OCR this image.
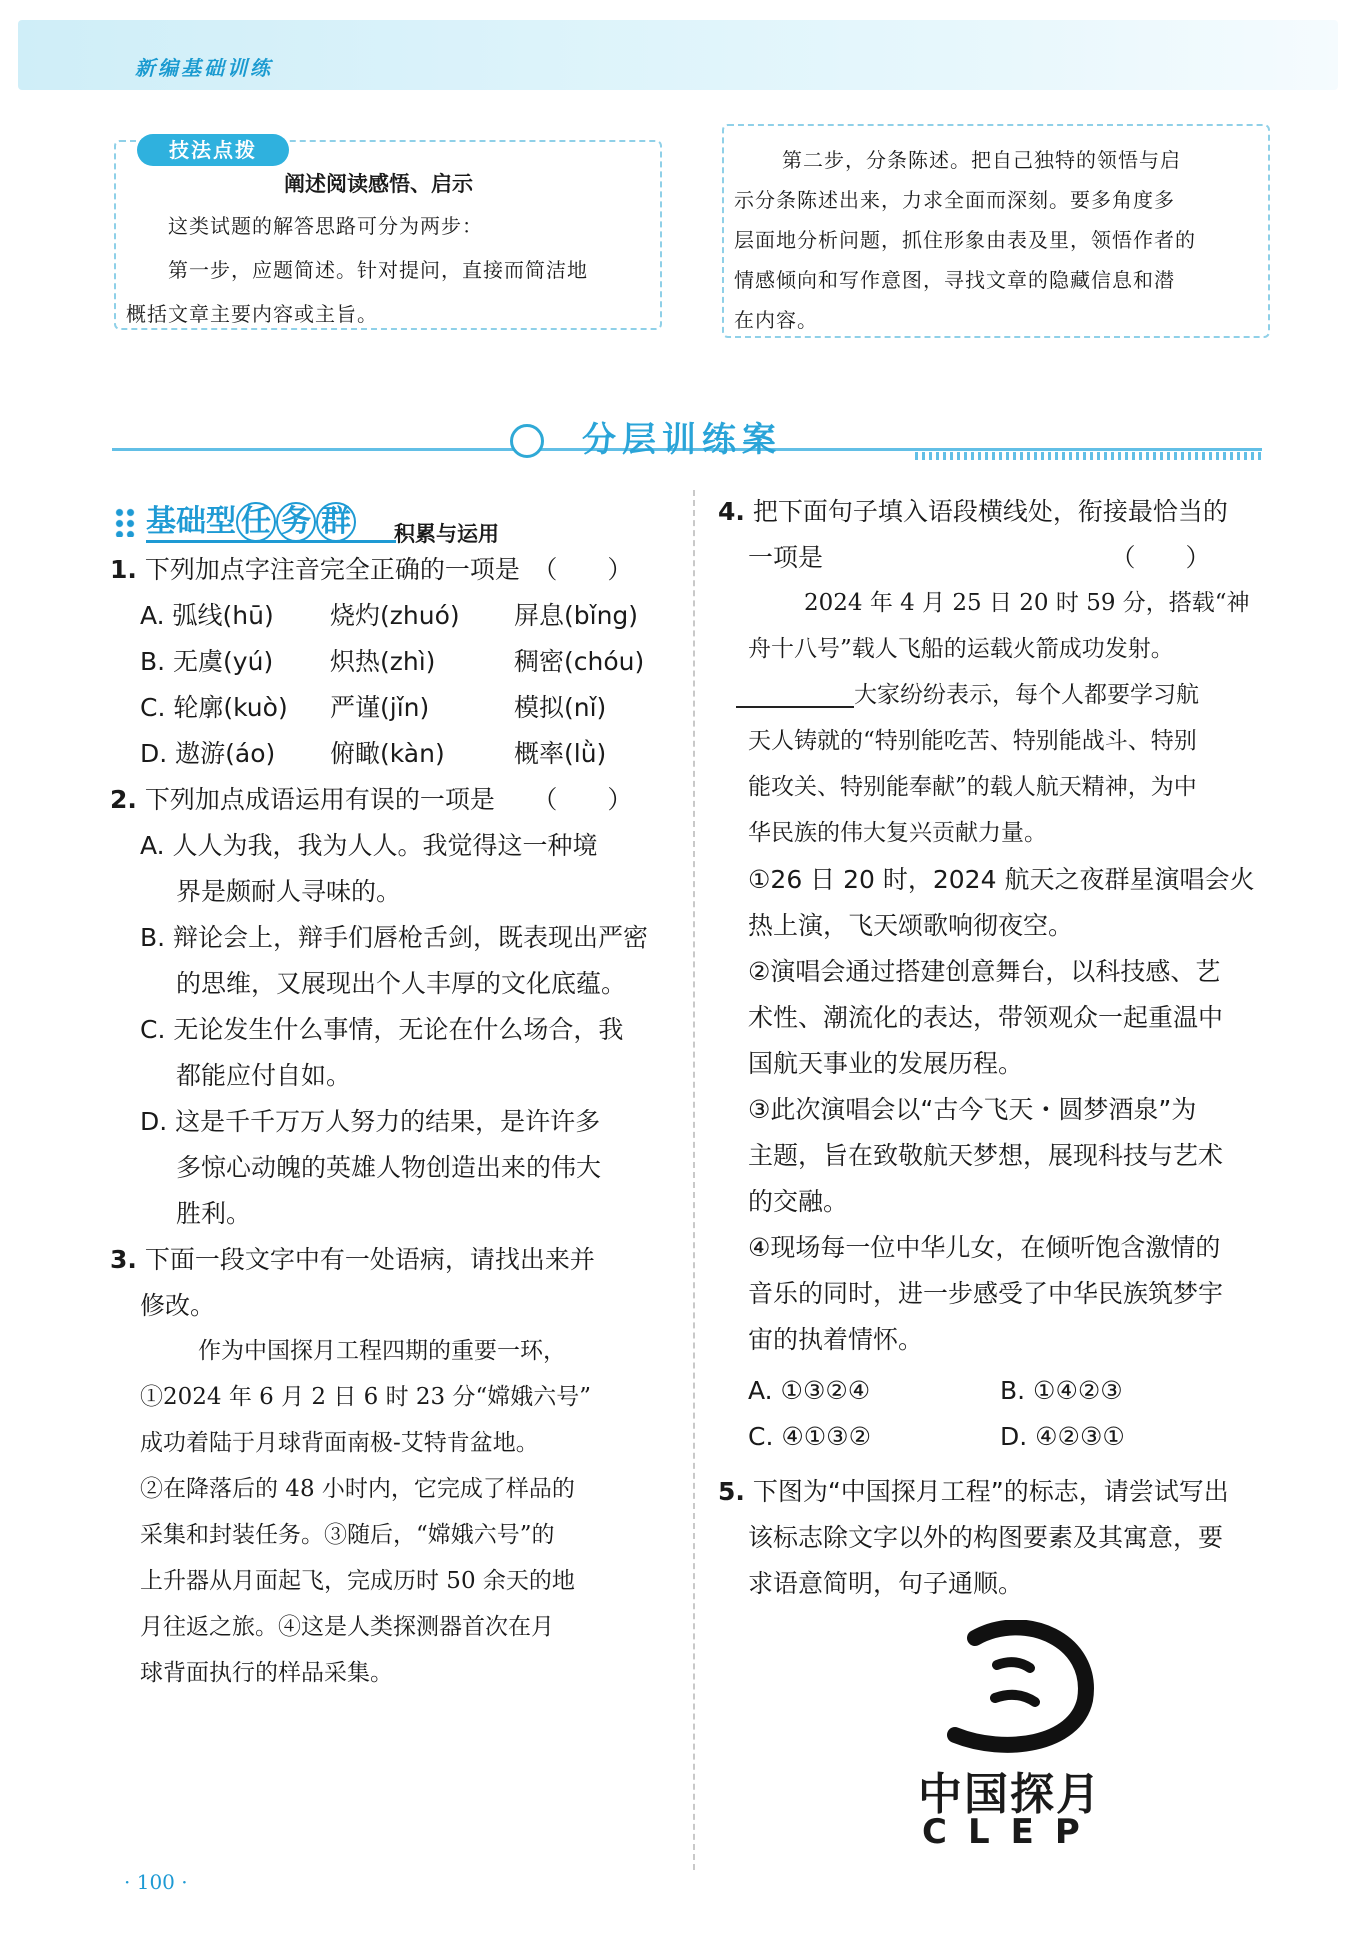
新编基础训练
技法点拨
阐述阅读感悟、启示
这类试题的解答思路可分为两步：
第一步，应题简述。针对提问，直接而简洁地
概括文章主要内容或主旨。
第二步，分条陈述。把自己独特的领悟与启
示分条陈述出来，力求全面而深刻。要多角度多
层面地分析问题，抓住形象由表及里，领悟作者的
情感倾向和写作意图，寻找文章的隐藏信息和潜
在内容。
分层训练案
基础型 任 务 群 积累与运用
1. 下列加点字注音完全正确的一项是　（　　）
A. 弧线(hū) 烧灼(zhuó) 屏息(bǐng)
B. 无虞(yú) 炽热(zhì)	稠密(chóu)
C. 轮廓(kuò) 严谨(jǐn)	模拟(nǐ)
D. 遨游(áo) 俯瞰(kàn)	概率(lǜ)
2. 下列加点成语运用有误的一项是　　（　　）
A. 人人为我，我为人人。我觉得这一种境
界是颇耐人寻味的。
B. 辩论会上，辩手们唇枪舌剑，既表现出严密
的思维，又展现出个人丰厚的文化底蕴。
C. 无论发生什么事情，无论在什么场合，我
都能应付自如。
D. 这是千千万万人努力的结果，是许许多
多惊心动魄的英雄人物创造出来的伟大
胜利。
3. 下面一段文字中有一处语病，请找出来并
修改。
作为中国探月工程四期的重要一环，
①2024 年 6 月 2 日 6 时 23 分“嫦娥六号”
成功着陆于月球背面南极-艾特肯盆地。
②在降落后的 48 小时内，它完成了样品的
采集和封装任务。③随后，“嫦娥六号”的
上升器从月面起飞，完成历时 50 余天的地
月往返之旅。④这是人类探测器首次在月
球背面执行的样品采集。
4. 把下面句子填入语段横线处，衔接最恰当的
一项是　　　　　　　　　　　　（　　）
2024 年 4 月 25 日 20 时 59 分，搭载“神
舟十八号”载人飞船的运载火箭成功发射。
大家纷纷表示，每个人都要学习航
天人铸就的“特别能吃苦、特别能战斗、特别
能攻关、特别能奉献”的载人航天精神，为中
华民族的伟大复兴贡献力量。
①26 日 20 时，2024 航天之夜群星演唱会火
热上演，飞天颂歌响彻夜空。
②演唱会通过搭建创意舞台，以科技感、艺
术性、潮流化的表达，带领观众一起重温中
国航天事业的发展历程。
③此次演唱会以“古今飞天・圆梦酒泉”为
主题，旨在致敬航天梦想，展现科技与艺术
的交融。
④现场每一位中华儿女，在倾听饱含激情的
音乐的同时，进一步感受了中华民族筑梦宇
宙的执着情怀。
A. ①③②④	B. ①④②③
C. ④①③②	D. ④②③①
5. 下图为“中国探月工程”的标志，请尝试写出
该标志除文字以外的构图要素及其寓意，要
求语意简明，句子通顺。
中国探月
CLEP
· 100 ·
